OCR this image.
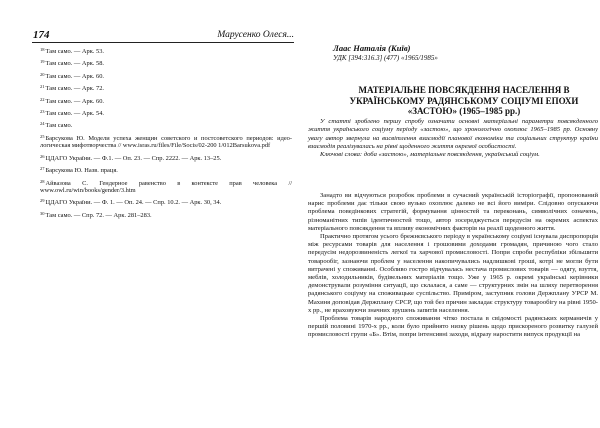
174	Марусенко Олеся...

$^{18}$Там само. — Арк. 53.

$^{19}$Там само. — Арк. 58.

$^{20}$Там само. — Арк. 60.

$^{21}$Там само. — Арк. 72.

$^{22}$Там само. — Арк. 60.

$^{23}$Там само. — Арк. 54.

$^{24}$Там само.

$^{25}$Барсукова Ю. Модели успеха женщин советского и постсоветского периодов: идео-логическая мифотворчества // www.isras.ru/files/File/Socis/02-200 1/012Barsukova.pdf

$^{26}$ЦДАГО України. — Ф.1. — Оп. 23. — Спр. 2222. — Арк. 13–25.

$^{27}$Барсукова Ю. Назв. праця.

$^{28}$Айвазова С. Гендерное равенство в контексте прав человека // www.owl.ru/win/books/gender/3.htm

$^{29}$ЦДАГО України. — Ф. 1. — Оп. 24. — Спр. 10.2. — Арк. 30, 34.

$^{30}$Там само. — Спр. 72. — Арк. 281–283.

Лаас Наталія (Київ)
УДК [394:316.3] (477) «1965/1985»
МАТЕРІАЛЬНЕ ПОВСЯКДЕННЯ НАСЕЛЕННЯ В УКРАЇНСЬКОМУ РАДЯНСЬКОМУ СОЦІУМІ ЕПОХИ «ЗАСТОЮ» (1965–1985 рр.)

У статті зроблено першу спробу означити основні матеріальні параметри повсякденного життя українського соціуму періоду «застою», що хронологічно охоплює 1965–1985 рр. Основну увагу автор звернула на висвітлення взаємодії планової економіки та соціальних структур країни взаємодія реалізувалась на рівні щоденного життя окремої особистості.

Ключові слова: доба «застою», матеріальне повсякдення, український соціум.

Занадто ви відчуються розробок проблеми в сучасний українській історіографії, пропонований нарис проблеми дає тільки свою вузько охоплює далеко не всі його виміри. Слідовно опускаючи проблема поведінкових стратегій, формування цінностей та переконань, символічних означень, різноманітних типів ідентичностей тощо, автор зосереджується передусім на окремих аспектах матеріального повсякдення та впливу економічних факторів на реалії щоденного життя.

Практично протягом усього брежнєвського періоду в українському соціумі існувала диспропорція між ресурсами товарів для населення і грошовими доходами громадян, причиною чого стало передусім недорозвиненість легкої та харчової промисловості. Попри спроби республіки збільшити товарообіг, зазнаючи проблем у населення накопичувались надлишкові гроші, котрі не могли бути витрачені у споживанні. Особливо гостро відчувалась нестача промислових товарів — одягу, взуття, меблів, холодильників, будівельних матеріалів тощо. Уже у 1965 р. окремі українські керівники демонстрували розуміння ситуації, що склалася, а саме — структурних змін на шляху перетворення радянського соціуму на споживацьке суспільство. Приміром, заступник голови Держплану УРСР М. Махиня доповідав Держплану СРСР, що той без причин закладає структуру товарообігу на рівні 1950-х рр., не враховуючи значних зрушень запитів населення.

Проблема товарів народного споживання чітко постала в свідомості радянських керманичів у першій половині 1970-х рр., коли було прийнято низку рішень щодо прискореного розвитку галузей промисловості групи «Б». Втім, попри інтенсивні заходи, відразу наростити випуск продукції на
